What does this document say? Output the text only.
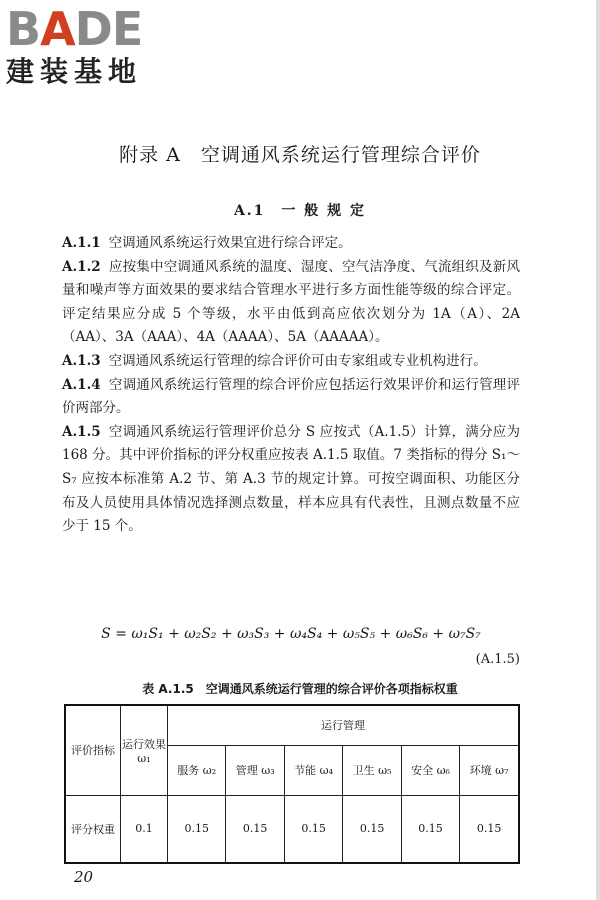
BADE
建装基地
附录 A　空调通风系统运行管理综合评价
A.1　一 般 规 定

A.1.1 空调通风系统运行效果宜进行综合评定。

A.1.2 应按集中空调通风系统的温度、湿度、空气洁净度、气流组织及新风量和噪声等方面效果的要求结合管理水平进行多方面性能等级的综合评定。评定结果应分成 5 个等级，水平由低到高应依次划分为 1A（A）、2A（AA）、3A（AAA）、4A（AAAA）、5A（AAAAA）。

A.1.3 空调通风系统运行管理的综合评价可由专家组或专业机构进行。

A.1.4 空调通风系统运行管理的综合评价应包括运行效果评价和运行管理评价两部分。

A.1.5 空调通风系统运行管理评价总分 S 应按式（A.1.5）计算，满分应为 168 分。其中评价指标的评分权重应按表 A.1.5 取值。7 类指标的得分 S₁～S₇ 应按本标准第 A.2 节、第 A.3 节的规定计算。可按空调面积、功能区分布及人员使用具体情况选择测点数量，样本应具有代表性，且测点数量不应少于 15 个。

S = ω₁S₁ + ω₂S₂ + ω₃S₃ + ω₄S₄ + ω₅S₅ + ω₆S₆ + ω₇S₇
(A.1.5)
表 A.1.5　空调通风系统运行管理的综合评价各项指标权重
评价指标	运行效果 ω₁	运行管理					
		服务 ω₂	管理 ω₃	节能 ω₄	卫生 ω₅	安全 ω₆	环境 ω₇
评分权重	0.1	0.15	0.15	0.15	0.15	0.15	0.15
20
